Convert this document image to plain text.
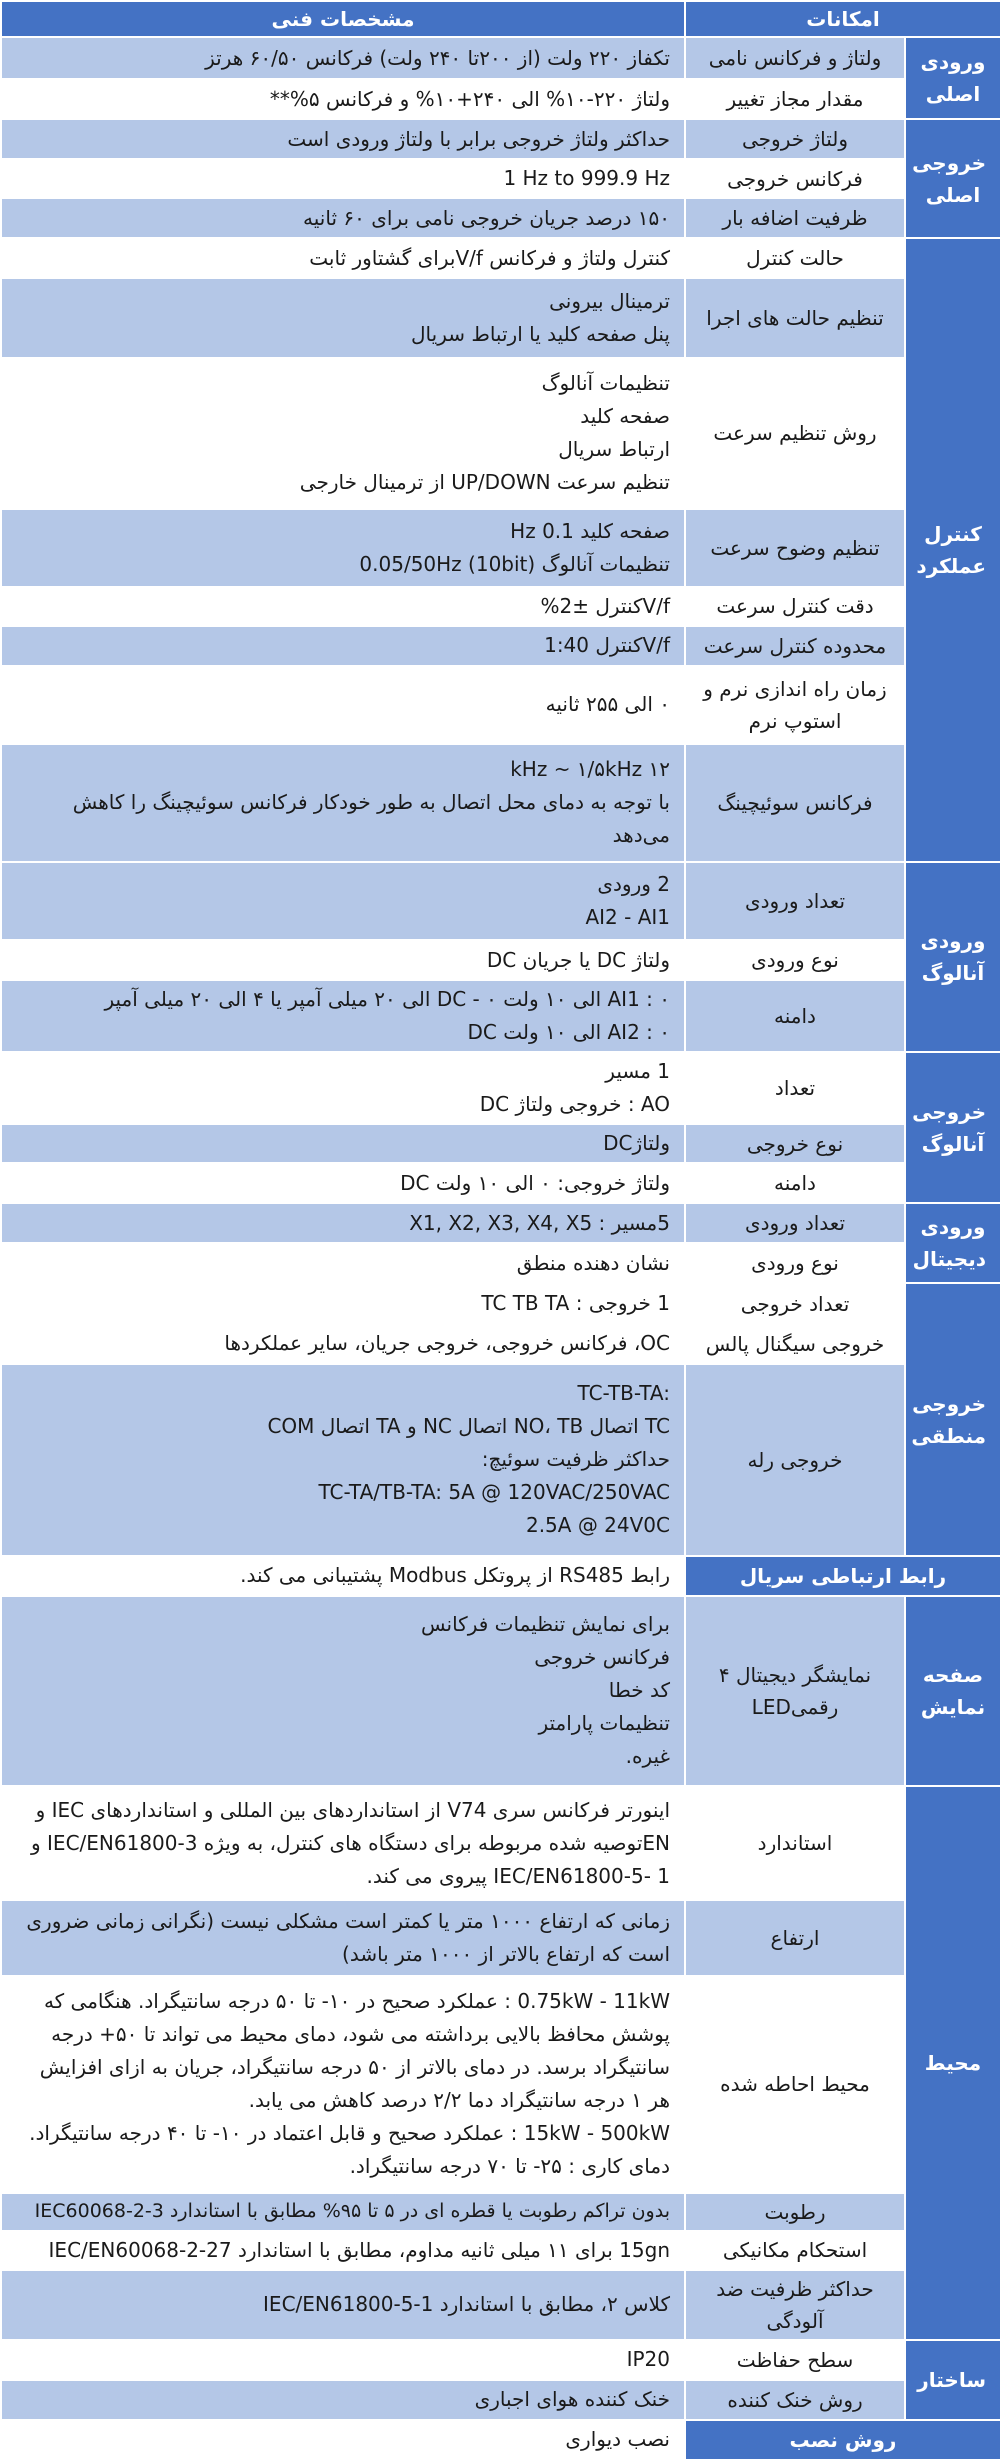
امکانات		مشخصات فنی
ورودی اصلی	ولتاژ و فرکانس نامی	تکفاز ۲۲۰ ولت (از ۲۰۰تا ۲۴۰ ولت) فرکانس ۶۰/۵۰ هرتز

	مقدار مجاز تغییر	ولتاژ ۲۲۰-۱۰% الی ۲۴۰+۱۰% و فرکانس ۵%**

خروجی اصلی	ولتاژ خروجی	حداکثر ولتاژ خروجی برابر با ولتاژ ورودی است

	فرکانس خروجی	1 Hz to 999.9 Hz

	ظرفیت اضافه بار	۱۵۰ درصد جریان خروجی نامی برای ۶۰ ثانیه

کنترل عملکرد	حالت کنترل	کنترل ولتاژ و فرکانس V/fبرای گشتاور ثابت

	تنظیم حالت های اجرا	ترمینال بیرونی
پنل صفحه کلید یا ارتباط سریال

	روش تنظیم سرعت	تنظیمات آنالوگ
صفحه کلید
ارتباط سریال
تنظیم سرعت UP/DOWN از ترمینال خارجی

	تنظیم وضوح سرعت	صفحه کلید 0.1 Hz
تنظیمات آنالوگ (10bit) 0.05/50Hz

	دقت کنترل سرعت	V/fکنترل ±2%

	محدوده کنترل سرعت	V/fکنترل 1:40

	زمان راه اندازی نرم و استوپ نرم	۰ الی ۲۵۵ ثانیه

	فرکانس سوئیچینگ	۱۲ kHz ~ ۱/۵kHz
با توجه به دمای محل اتصال به طور خودکار فرکانس سوئیچینگ را کاهش می‌دهد

ورودی آنالوگ	تعداد ورودی	2 ورودی
AI2 - AI1

	نوع ورودی	ولتاژ DC یا جریان DC

	دامنه	AI1 : ۰ الی ۱۰ ولت DC - ۰ الی ۲۰ میلی آمپر یا ۴ الی ۲۰ میلی آمپر
AI2 : ۰ الی ۱۰ ولت DC

خروجی آنالوگ	تعداد	1 مسیر
AO : خروجی ولتاژ DC

	نوع خروجی	ولتاژDC

	دامنه	ولتاژ خروجی: ۰ الی ۱۰ ولت DC

ورودی دیجیتال	تعداد ورودی	5مسیر : X1, X2, X3, X4, X5

	نوع ورودی	نشان دهنده منطق

خروجی منطقی	تعداد خروجی	1 خروجی : TC TB TA

	خروجی سیگنال پالس	OC، فرکانس خروجی، خروجی جریان، سایر عملکردها

	خروجی رله	TC-TB-TA:
TC اتصال NO، TB اتصال NC و TA اتصال COM
حداکثر ظرفیت سوئیچ:
TC-TA/TB-TA: 5A @ 120VAC/250VAC
2.5A @ 24V0C

رابط ارتباطی سریال		رابط RS485 از پروتکل Modbus پشتیبانی می کند.

صفحه نمایش	نمایشگر دیجیتال ۴ رقمیLED	برای نمایش تنظیمات فرکانس
فرکانس خروجی
کد خطا
تنظیمات پارامتر
غیره.

محیط	استاندارد	اینورتر فرکانس سری V74 از استانداردهای بین المللی و استانداردهای IEC و ENتوصیه شده مربوطه برای دستگاه های کنترل، به ویژه IEC/EN61800-3 و IEC/EN61800-5- 1 پیروی می کند.

	ارتفاع	زمانی که ارتفاع ۱۰۰۰ متر یا کمتر است مشکلی نیست (نگرانی زمانی ضروری است که ارتفاع بالاتر از ۱۰۰۰ متر باشد)

	محیط احاطه شده	0.75kW - 11kW : عملکرد صحیح در ۱۰- تا ۵۰ درجه سانتیگراد. هنگامی که پوشش محافظ بالایی برداشته می شود، دمای محیط می تواند تا ۵۰+ درجه سانتیگراد برسد. در دمای بالاتر از ۵۰ درجه سانتیگراد، جریان به ازای افزایش هر ۱ درجه سانتیگراد دما ۲/۲ درصد کاهش می یابد.
15kW - 500kW : عملکرد صحیح و قابل اعتماد در ۱۰- تا ۴۰ درجه سانتیگراد.
دمای کاری : ۲۵- تا ۷۰ درجه سانتیگراد.

	رطوبت	بدون تراکم رطوبت یا قطره ای در ۵ تا ۹۵% مطابق با استاندارد IEC60068-2-3

	استحکام مکانیکی	15gn برای ۱۱ میلی ثانیه مداوم، مطابق با استاندارد IEC/EN60068-2-27

	حداکثر ظرفیت ضد آلودگی	کلاس ۲، مطابق با استاندارد IEC/EN61800-5-1

ساختار	سطح حفاظت	IP20

	روش خنک کننده	خنک کننده هوای اجباری

روش نصب		نصب دیواری
